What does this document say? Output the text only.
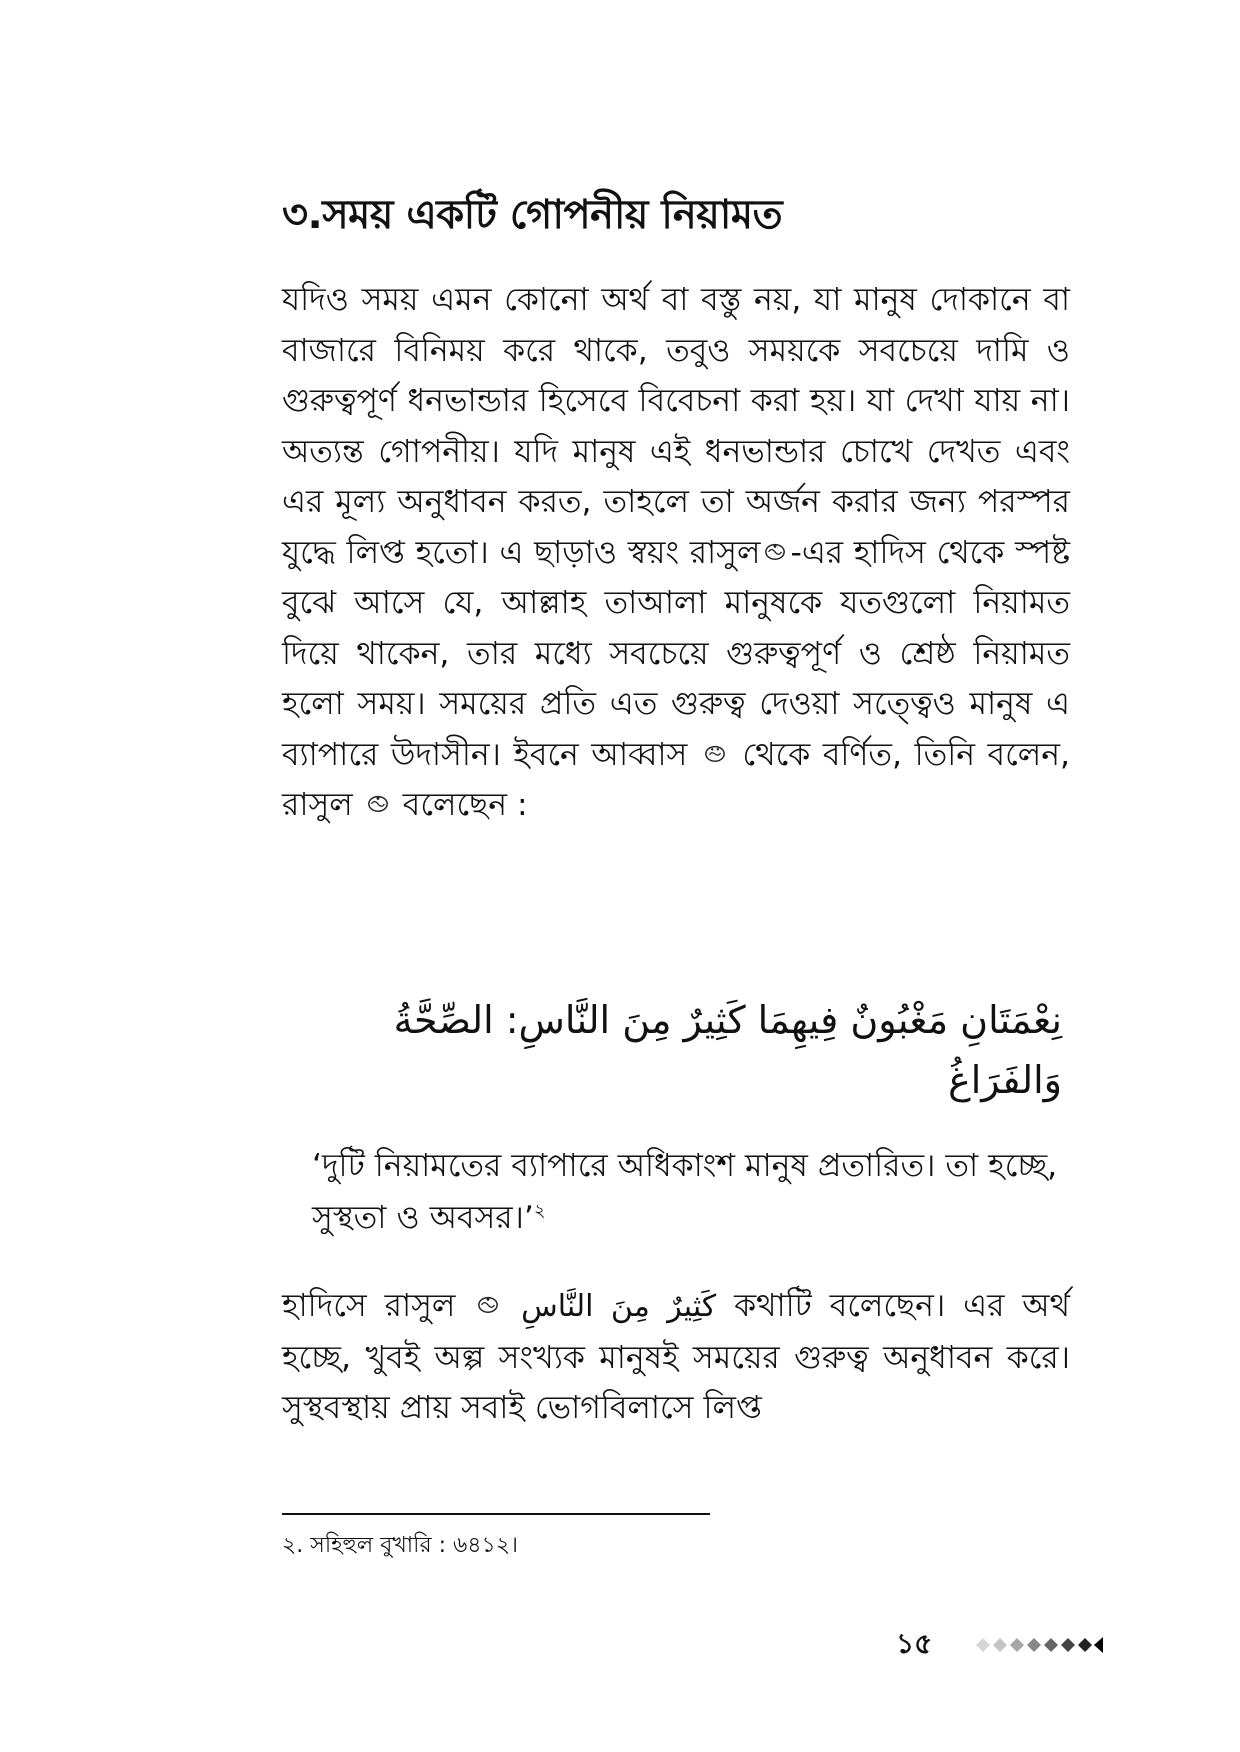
৩.সময় একটি গোপনীয় নিয়ামত

যদিও সময় এমন কোনো অর্থ বা বস্তু নয়, যা মানুষ দোকানে বা বাজারে বিনিময় করে থাকে, তবুও সময়কে সবচেয়ে দামি ও গুরুত্বপূর্ণ ধনভান্ডার হিসেবে বিবেচনা করা হয়। যা দেখা যায় না। অত্যন্ত গোপনীয়। যদি মানুষ এই ধনভান্ডার চোখে দেখত এবং এর মূল্য অনুধাবন করত, তাহলে তা অর্জন করার জন্য পরস্পর যুদ্ধে লিপ্ত হতো। এ ছাড়াও স্বয়ং রাসুল -এর হাদিস থেকে স্পষ্ট বুঝে আসে যে, আল্লাহ তাআলা মানুষকে যতগুলো নিয়ামত দিয়ে থাকেন, তার মধ্যে সবচেয়ে গুরুত্বপূর্ণ ও শ্রেষ্ঠ নিয়ামত হলো সময়। সময়ের প্রতি এত গুরুত্ব দেওয়া সত্ত্বেও মানুষ এ ব্যাপারে উদাসীন। ইবনে আব্বাস থেকে বর্ণিত, তিনি বলেন, রাসুল বলেছেন :

نِعْمَتَانِ مَغْبُونٌ فِيهِمَا كَثِيرٌ مِنَ النَّاسِ: الصِّحَّةُ وَالفَرَاغُ

‘দুটি নিয়ামতের ব্যাপারে অধিকাংশ মানুষ প্রতারিত। তা হচ্ছে, সুস্থতা ও অবসর।’$^২$

হাদিসে রাসুল كَثِيرٌ مِنَ النَّاسِ কথাটি বলেছেন। এর অর্থ হচ্ছে, খুবই অল্প সংখ্যক মানুষই সময়ের গুরুত্ব অনুধাবন করে। সুস্থবস্থায় প্রায় সবাই ভোগবিলাসে লিপ্ত

২. সহিহুল বুখারি : ৬৪১২।

১৫
